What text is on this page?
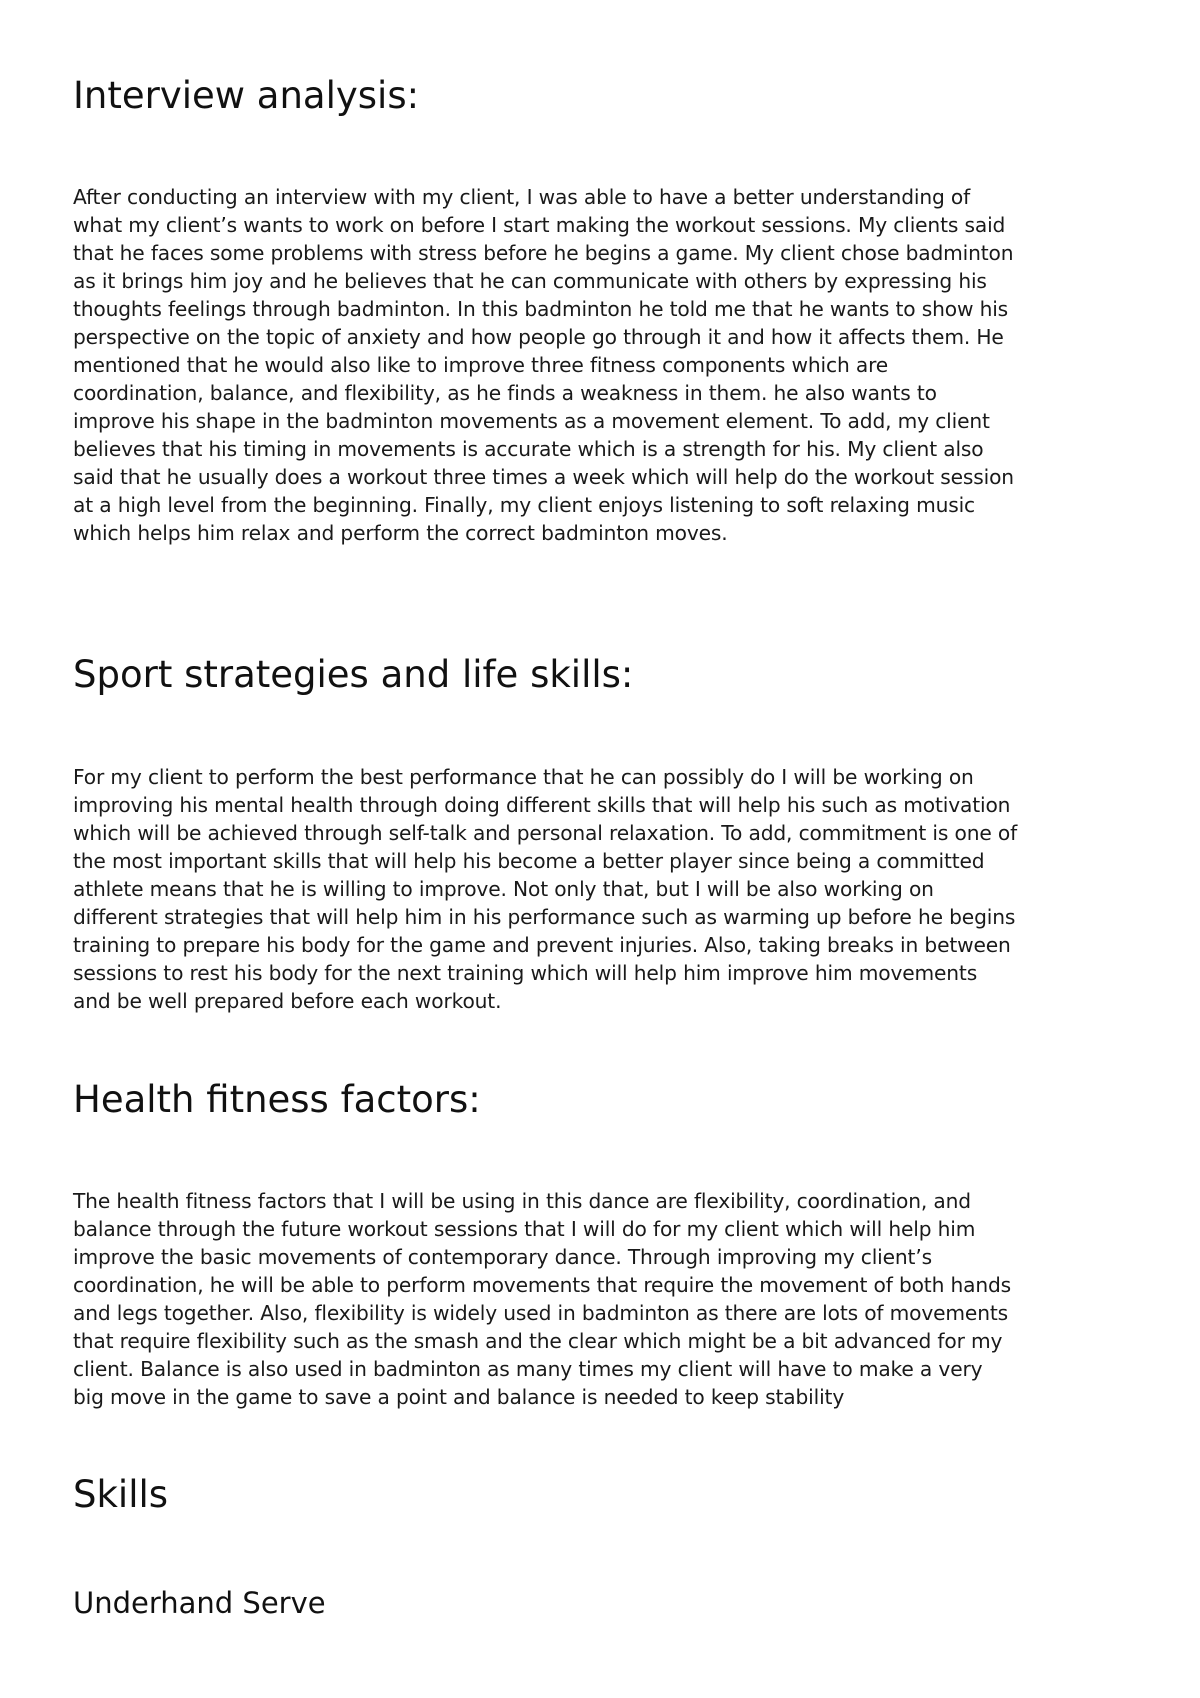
Interview analysis:
After conducting an interview with my client, I was able to have a better understanding of
what my client’s wants to work on before I start making the workout sessions. My clients said
that he faces some problems with stress before he begins a game. My client chose badminton
as it brings him joy and he believes that he can communicate with others by expressing his
thoughts feelings through badminton. In this badminton he told me that he wants to show his
perspective on the topic of anxiety and how people go through it and how it affects them. He
mentioned that he would also like to improve three fitness components which are
coordination, balance, and flexibility, as he finds a weakness in them. he also wants to
improve his shape in the badminton movements as a movement element. To add, my client
believes that his timing in movements is accurate which is a strength for his. My client also
said that he usually does a workout three times a week which will help do the workout session
at a high level from the beginning. Finally, my client enjoys listening to soft relaxing music
which helps him relax and perform the correct badminton moves.
Sport strategies and life skills:
For my client to perform the best performance that he can possibly do I will be working on
improving his mental health through doing different skills that will help his such as motivation
which will be achieved through self-talk and personal relaxation. To add, commitment is one of
the most important skills that will help his become a better player since being a committed
athlete means that he is willing to improve. Not only that, but I will be also working on
different strategies that will help him in his performance such as warming up before he begins
training to prepare his body for the game and prevent injuries. Also, taking breaks in between
sessions to rest his body for the next training which will help him improve him movements
and be well prepared before each workout.
Health fitness factors:
The health fitness factors that I will be using in this dance are flexibility, coordination, and
balance through the future workout sessions that I will do for my client which will help him
improve the basic movements of contemporary dance. Through improving my client’s
coordination, he will be able to perform movements that require the movement of both hands
and legs together. Also, flexibility is widely used in badminton as there are lots of movements
that require flexibility such as the smash and the clear which might be a bit advanced for my
client. Balance is also used in badminton as many times my client will have to make a very
big move in the game to save a point and balance is needed to keep stability
Skills
Underhand Serve
